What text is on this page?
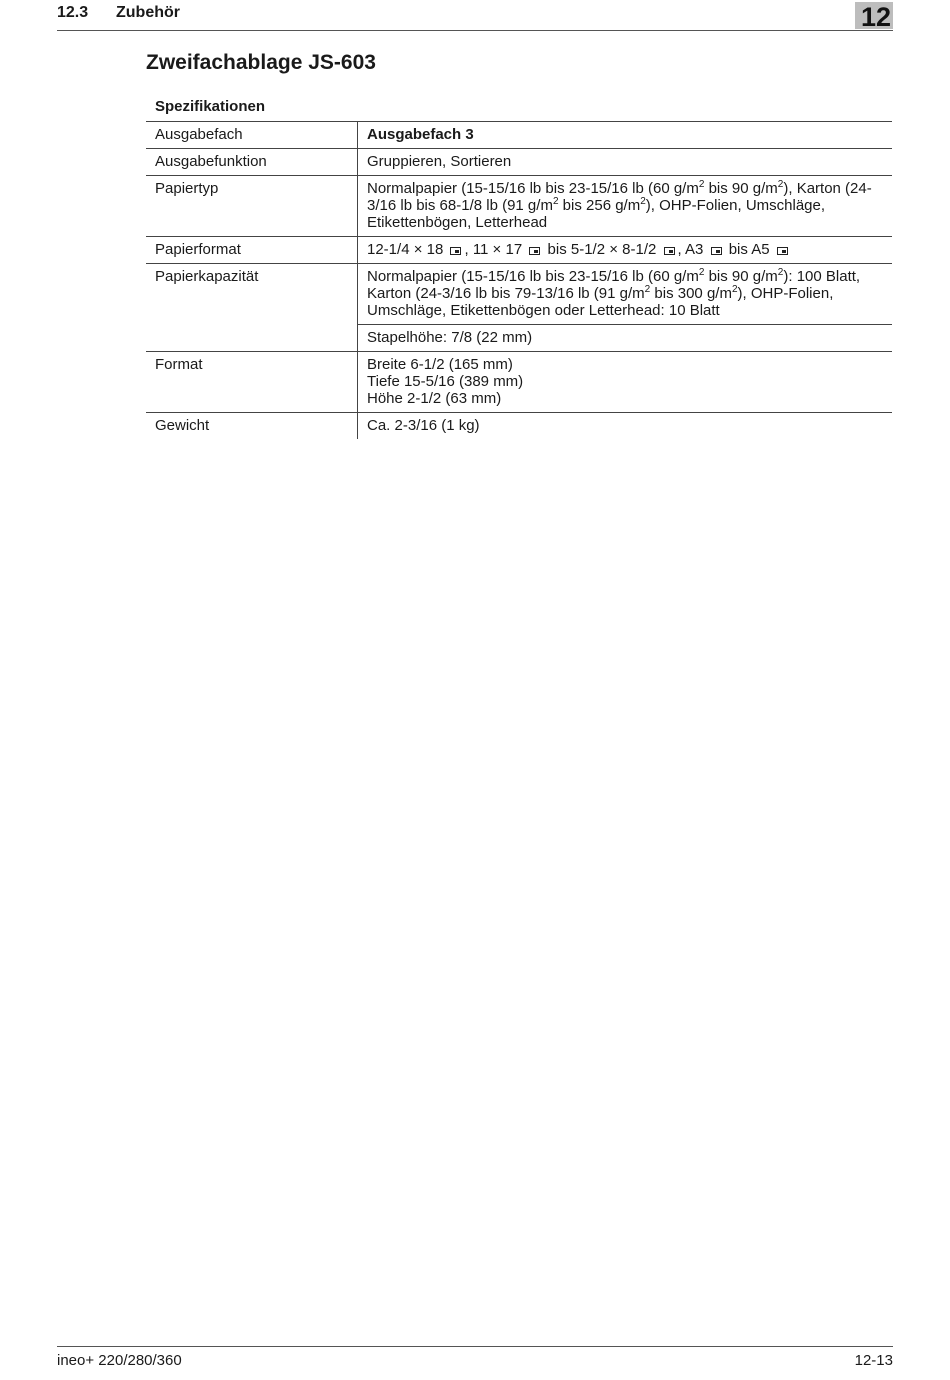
12.3 Zubehör	12
Zweifachablage JS-603
Spezifikationen
Ausgabefach	Ausgabefach 3
Ausgabefunktion	Gruppieren, Sortieren
Papiertyp	Normalpapier (15-15/16 lb bis 23-15/16 lb (60 $g/m^2$ bis 90 $g/m^2$), Karton (24-3/16 lb bis 68-1/8 lb (91 $g/m^2$ bis 256 $g/m^2$), OHP-Folien, Umschläge, Etikettenbögen, Letterhead
Papierformat	12-1/4 × 18 , 11 × 17 bis 5-1/2 × 8-1/2 , A3 bis A5
Papierkapazität	Normalpapier (15-15/16 lb bis 23-15/16 lb (60 $g/m^2$ bis 90 $g/m^2$): 100 Blatt, Karton (24-3/16 lb bis 79-13/16 lb (91 $g/m^2$ bis 300 $g/m^2$), OHP-Folien, Umschläge, Etikettenbögen oder Letterhead: 10 Blatt
	Stapelhöhe: 7/8 (22 mm)
Format	Breite 6-1/2 (165 mm)
Tiefe 15-5/16 (389 mm)
Höhe 2-1/2 (63 mm)

Gewicht	Ca. 2-3/16 (1 kg)
ineo+ 220/280/360	12-13
